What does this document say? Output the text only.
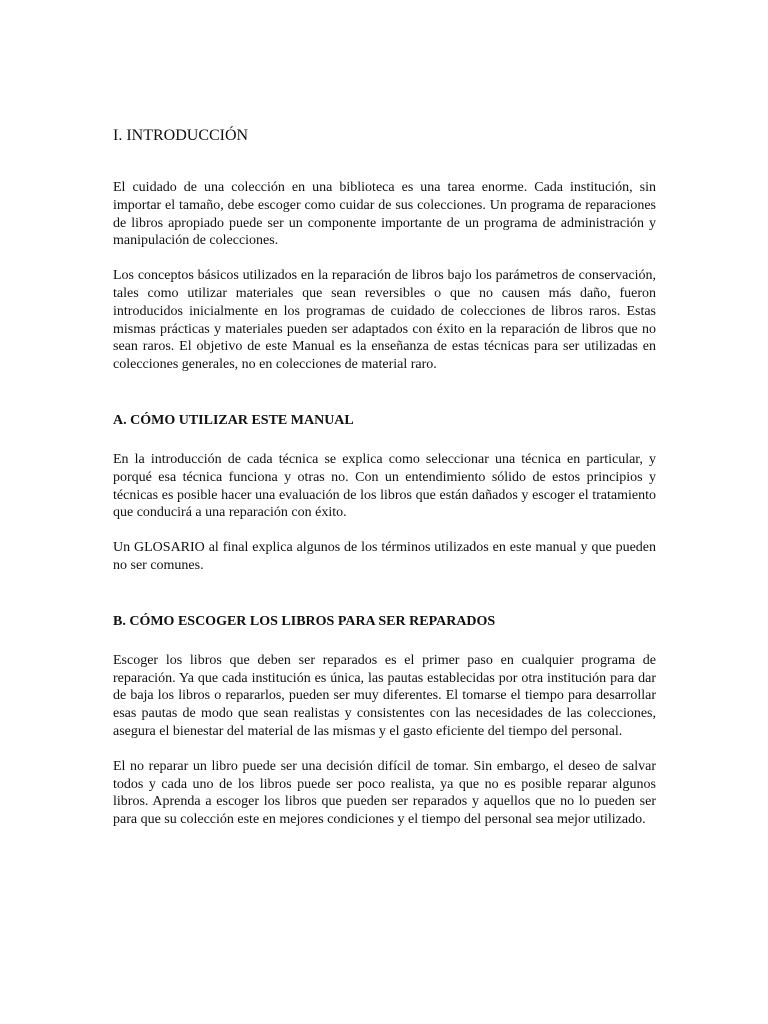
I. INTRODUCCIÓN

El cuidado de una colección en una biblioteca es una tarea enorme. Cada institución, sin importar el tamaño, debe escoger como cuidar de sus colecciones. Un programa de reparaciones de libros apropiado puede ser un componente importante de un programa de administración y manipulación de colecciones.

Los conceptos básicos utilizados en la reparación de libros bajo los parámetros de conservación, tales como utilizar materiales que sean reversibles o que no causen más daño, fueron introducidos inicialmente en los programas de cuidado de colecciones de libros raros. Estas mismas prácticas y materiales pueden ser adaptados con éxito en la reparación de libros que no sean raros. El objetivo de este Manual es la enseñanza de estas técnicas para ser utilizadas en colecciones generales, no en colecciones de material raro.

A. CÓMO UTILIZAR ESTE MANUAL

En la introducción de cada técnica se explica como seleccionar una técnica en particular, y porqué esa técnica funciona y otras no. Con un entendimiento sólido de estos principios y técnicas es posible hacer una evaluación de los libros que están dañados y escoger el tratamiento que conducirá a una reparación con éxito.

Un GLOSARIO al final explica algunos de los términos utilizados en este manual y que pueden no ser comunes.

B. CÓMO ESCOGER LOS LIBROS PARA SER REPARADOS

Escoger los libros que deben ser reparados es el primer paso en cualquier programa de reparación. Ya que cada institución es única, las pautas establecidas por otra institución para dar de baja los libros o repararlos, pueden ser muy diferentes. El tomarse el tiempo para desarrollar esas pautas de modo que sean realistas y consistentes con las necesidades de las colecciones, asegura el bienestar del material de las mismas y el gasto eficiente del tiempo del personal.

El no reparar un libro puede ser una decisión difícil de tomar. Sin embargo, el deseo de salvar todos y cada uno de los libros puede ser poco realista, ya que no es posible reparar algunos libros. Aprenda a escoger los libros que pueden ser reparados y aquellos que no lo pueden ser para que su colección este en mejores condiciones y el tiempo del personal sea mejor utilizado.
